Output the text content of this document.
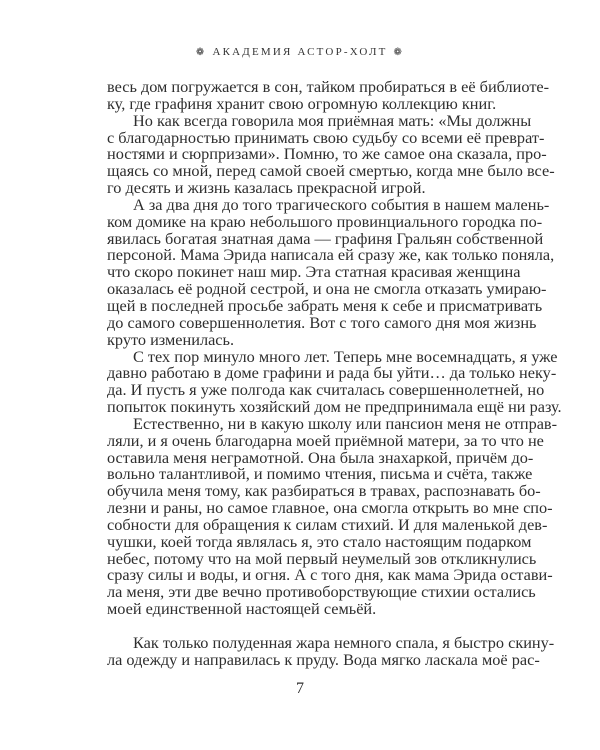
❁ АКАДЕМИЯ АСТОР-ХОЛТ ❁
весь дом погружается в сон, тайком пробираться в её библиоте-
ку, где графиня хранит свою огромную коллекцию книг.
Но как всегда говорила моя приёмная мать: «Мы должны
с благодарностью принимать свою судьбу со всеми её преврат-
ностями и сюрпризами». Помню, то же самое она сказала, про-
щаясь со мной, перед самой своей смертью, когда мне было все-
го десять и жизнь казалась прекрасной игрой.
А за два дня до того трагического события в нашем малень-
ком домике на краю небольшого провинциального городка по-
явилась богатая знатная дама — графиня Гральян собственной
персоной. Мама Эрида написала ей сразу же, как только поняла,
что скоро покинет наш мир. Эта статная красивая женщина
оказалась её родной сестрой, и она не смогла отказать умираю-
щей в последней просьбе забрать меня к себе и присматривать
до самого совершеннолетия. Вот с того самого дня моя жизнь
круто изменилась.
С тех пор минуло много лет. Теперь мне восемнадцать, я уже
давно работаю в доме графини и рада бы уйти… да только неку-
да. И пусть я уже полгода как считалась совершеннолетней, но
попыток покинуть хозяйский дом не предпринимала ещё ни разу.
Естественно, ни в какую школу или пансион меня не отправ-
ляли, и я очень благодарна моей приёмной матери, за то что не
оставила меня неграмотной. Она была знахаркой, причём до-
вольно талантливой, и помимо чтения, письма и счёта, также
обучила меня тому, как разбираться в травах, распознавать бо-
лезни и раны, но самое главное, она смогла открыть во мне спо-
собности для обращения к силам стихий. И для маленькой дев-
чушки, коей тогда являлась я, это стало настоящим подарком
небес, потому что на мой первый неумелый зов откликнулись
сразу силы и воды, и огня. А с того дня, как мама Эрида остави-
ла меня, эти две вечно противоборствующие стихии остались
моей единственной настоящей семьёй.
Как только полуденная жара немного спала, я быстро скину-
ла одежду и направилась к пруду. Вода мягко ласкала моё рас-
7
